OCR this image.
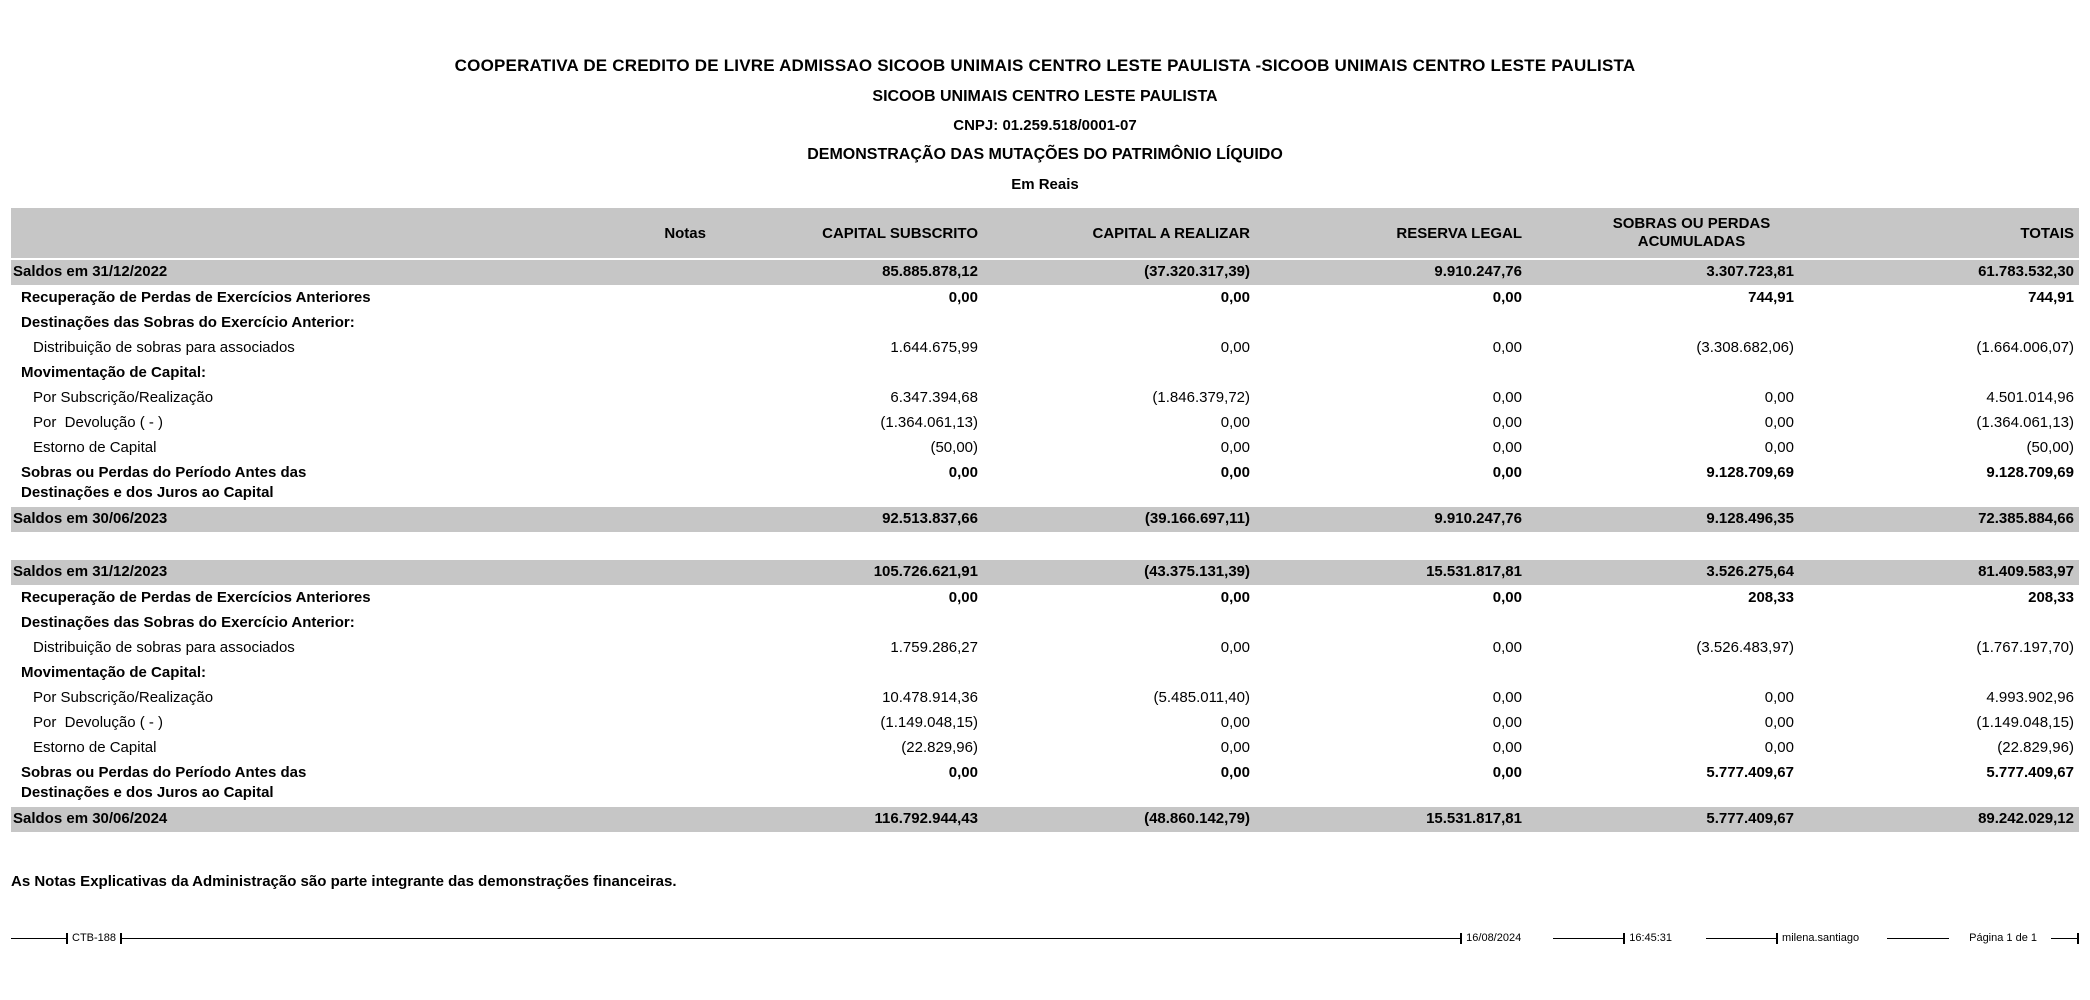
COOPERATIVA DE CREDITO DE LIVRE ADMISSAO SICOOB UNIMAIS CENTRO LESTE PAULISTA -SICOOB UNIMAIS CENTRO LESTE PAULISTA
SICOOB UNIMAIS CENTRO LESTE PAULISTA
CNPJ: 01.259.518/0001-07
DEMONSTRAÇÃO DAS MUTAÇÕES DO PATRIMÔNIO LÍQUIDO
Em Reais
	Notas	CAPITAL SUBSCRITO	CAPITAL A REALIZAR	RESERVA LEGAL	SOBRAS OU PERDAS ACUMULADAS	TOTAIS
Saldos em 31/12/2022		85.885.878,12	(37.320.317,39)	9.910.247,76	3.307.723,81	61.783.532,30
Recuperação de Perdas de Exercícios Anteriores		0,00	0,00	0,00	744,91	744,91
Destinações das Sobras do Exercício Anterior:						
Distribuição de sobras para associados		1.644.675,99	0,00	0,00	(3.308.682,06)	(1.664.006,07)
Movimentação de Capital:						
Por Subscrição/Realização		6.347.394,68	(1.846.379,72)	0,00	0,00	4.501.014,96
Por  Devolução ( - )		(1.364.061,13)	0,00	0,00	0,00	(1.364.061,13)
Estorno de Capital		(50,00)	0,00	0,00	0,00	(50,00)
Sobras ou Perdas do Período Antes das Destinações e dos Juros ao Capital		0,00	0,00	0,00	9.128.709,69	9.128.709,69
Saldos em 30/06/2023		92.513.837,66	(39.166.697,11)	9.910.247,76	9.128.496,35	72.385.884,66

Saldos em 31/12/2023		105.726.621,91	(43.375.131,39)	15.531.817,81	3.526.275,64	81.409.583,97
Recuperação de Perdas de Exercícios Anteriores		0,00	0,00	0,00	208,33	208,33
Destinações das Sobras do Exercício Anterior:						
Distribuição de sobras para associados		1.759.286,27	0,00	0,00	(3.526.483,97)	(1.767.197,70)
Movimentação de Capital:						
Por Subscrição/Realização		10.478.914,36	(5.485.011,40)	0,00	0,00	4.993.902,96
Por  Devolução ( - )		(1.149.048,15)	0,00	0,00	0,00	(1.149.048,15)
Estorno de Capital		(22.829,96)	0,00	0,00	0,00	(22.829,96)
Sobras ou Perdas do Período Antes das Destinações e dos Juros ao Capital		0,00	0,00	0,00	5.777.409,67	5.777.409,67
Saldos em 30/06/2024		116.792.944,43	(48.860.142,79)	15.531.817,81	5.777.409,67	89.242.029,12
As Notas Explicativas da Administração são parte integrante das demonstrações financeiras.
CTB-188	16/08/2024	16:45:31	milena.santiago	Página 1 de 1
